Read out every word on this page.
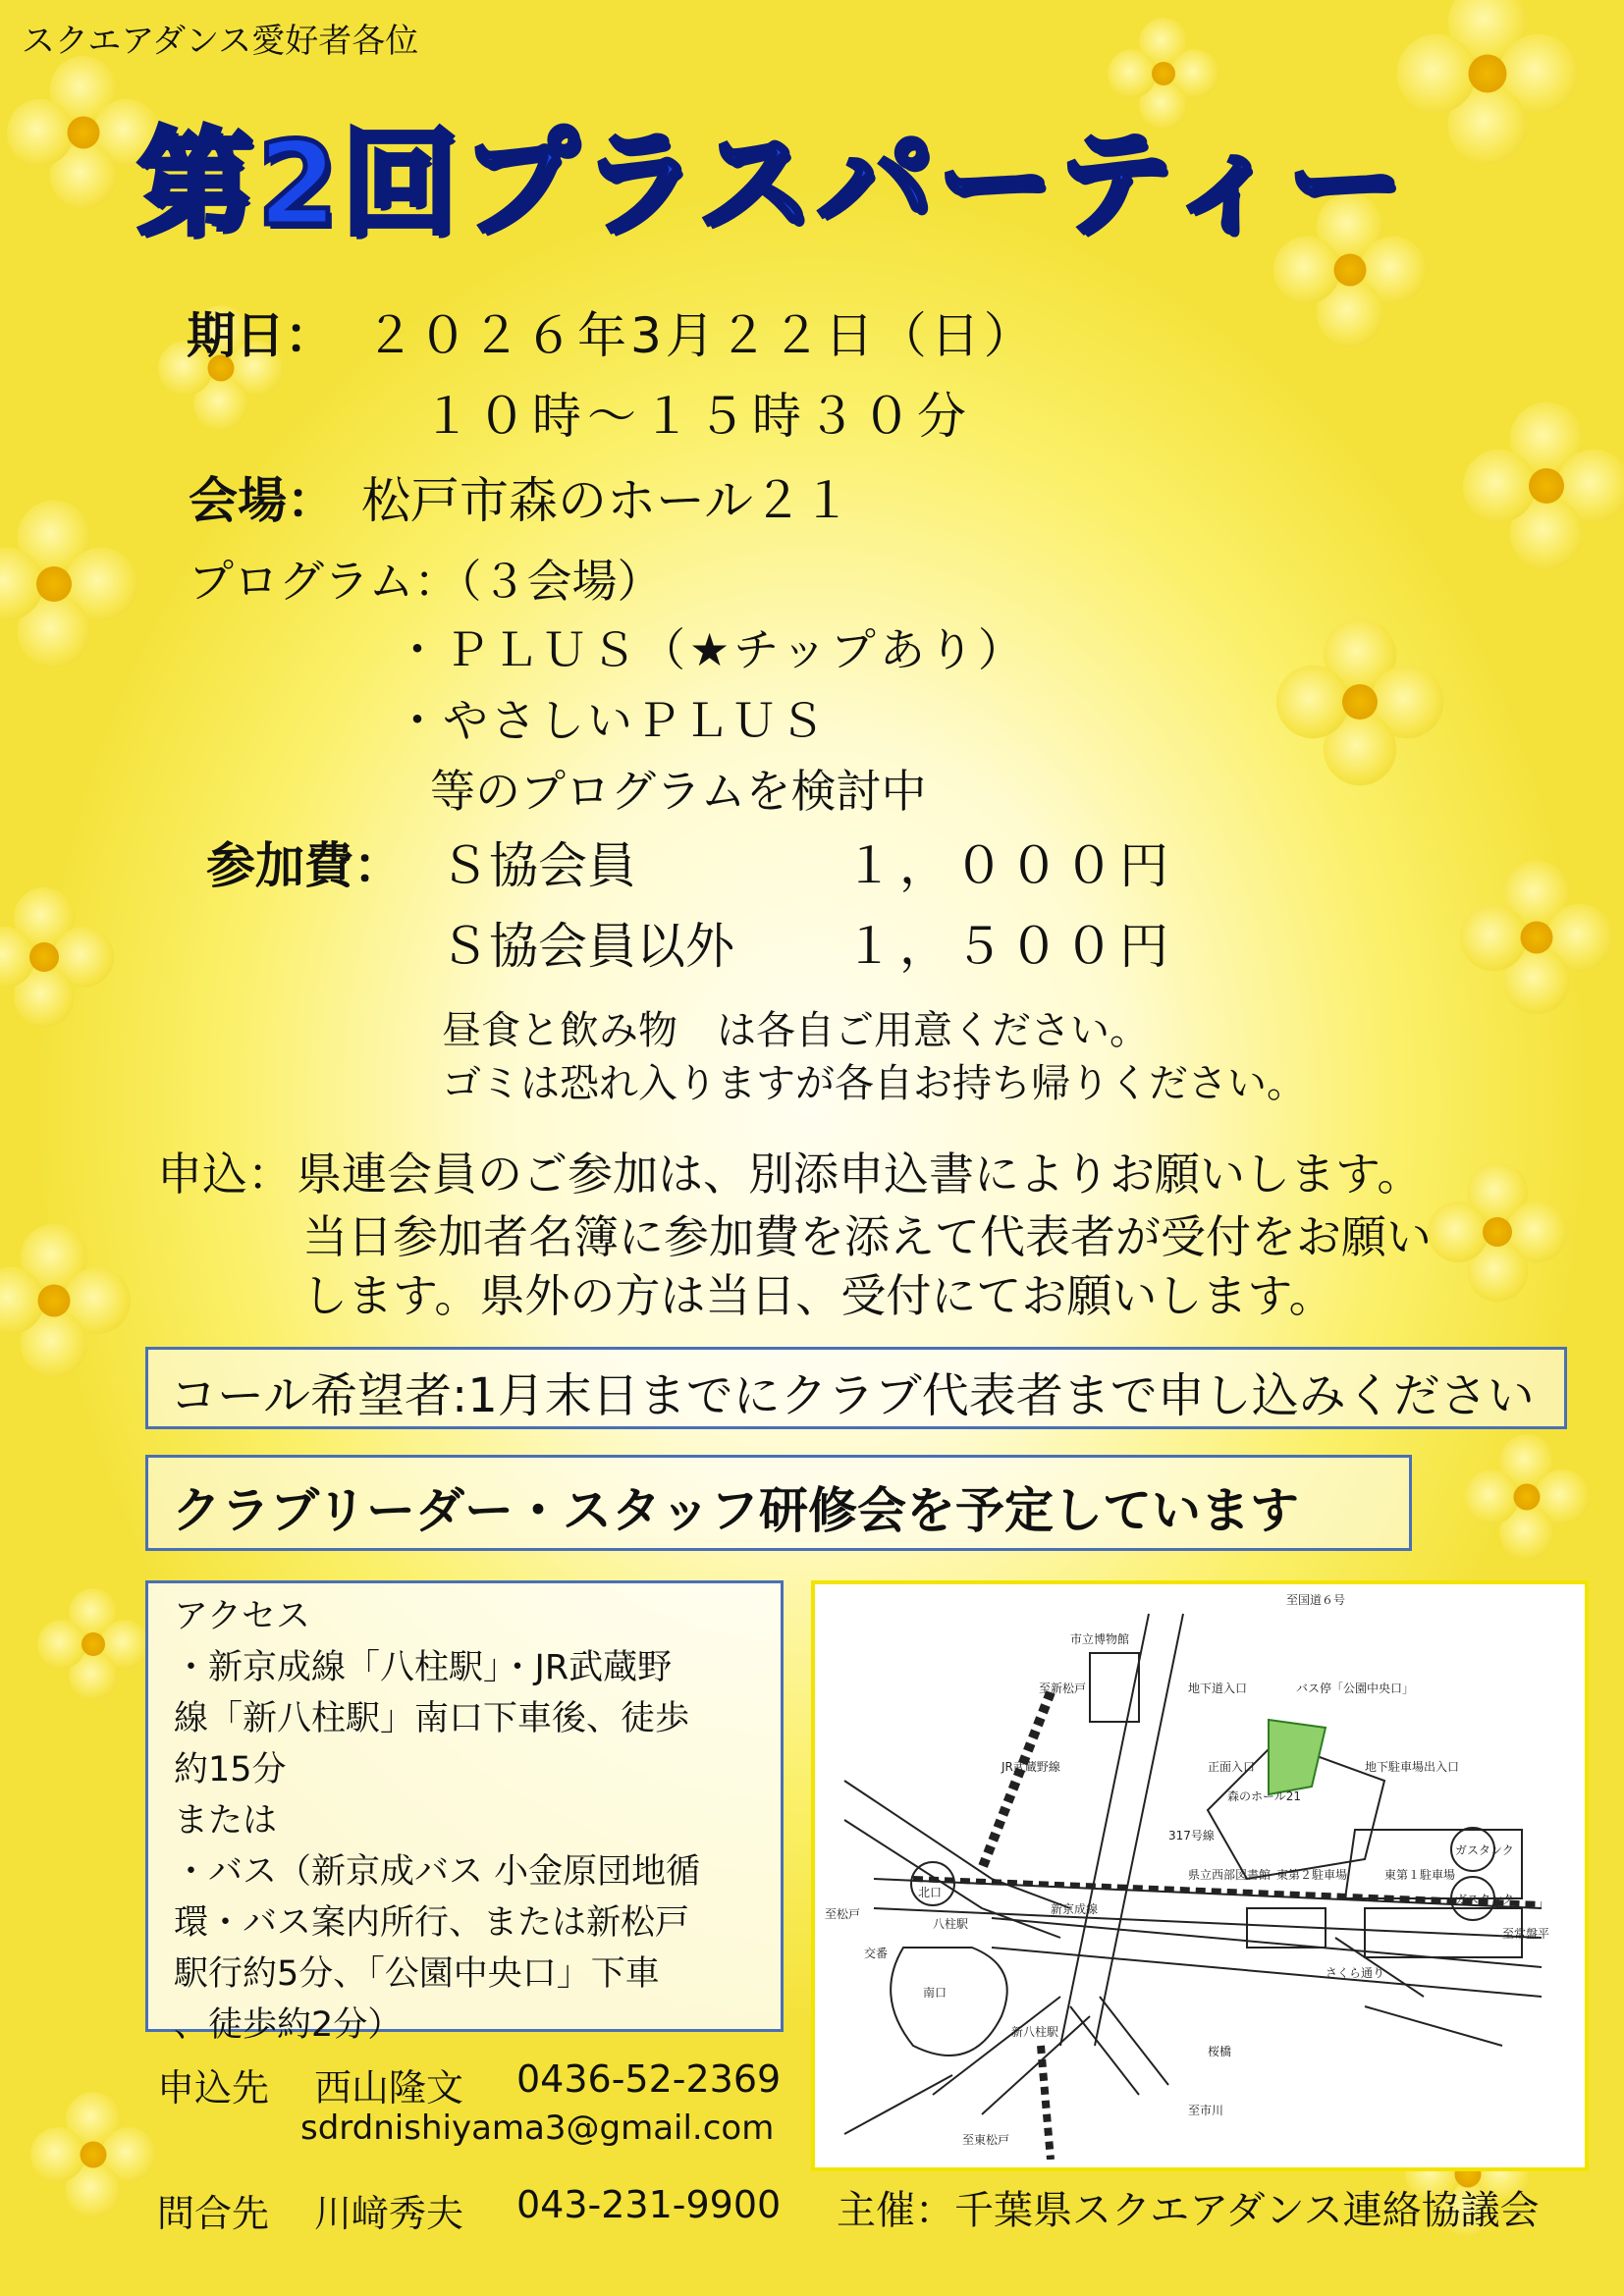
スクエアダンス愛好者各位
第2回プラスパーティー
期日： ２０２６年3月２２日（日）
１０時～１５時３０分
会場： 松戸市森のホール２１
プログラム：（３会場）
・ＰＬＵＳ（★チップあり）
・やさしいＰＬＵＳ
等のプログラムを検討中
参加費： Ｓ協会員	１，０００円
Ｓ協会員以外 １，５００円
昼食と飲み物　は各自ご用意ください。
ゴミは恐れ入りますが各自お持ち帰りください。
申込： 県連会員のご参加は、別添申込書によりお願いします。
当日参加者名簿に参加費を添えて代表者が受付をお願い
します。県外の方は当日、受付にてお願いします。
コール希望者:1月末日までにクラブ代表者まで申し込みください
クラブリーダー・スタッフ研修会を予定しています
アクセス
・新京成線「八柱駅」・JR武蔵野
線「新八柱駅」南口下車後、徒歩
約15分
または
・バス（新京成バス 小金原団地循
環・バス案内所行、または新松戸
駅行約5分、「公園中央口」下車
、徒歩約2分）
至国道６号
市立博物館
至新松戸	地下道入口	バス停「公園中央口」
JR武蔵野線	正面入口
森のホール21
地下駐車場出入口
ガスタンク
ガスタンク
317号線
県立西部図書館 東第２駐車場	東第１駐車場
至常盤平
至松戸
北口
八柱駅
新京成線
交番
南口
さくら通り
新八柱駅
桜橋
至市川
至東松戸
申込先 西山隆文 0436-52-2369
sdrdnishiyama3@gmail.com
問合先 川﨑秀夫 043-231-9900 主催：千葉県スクエアダンス連絡協議会
